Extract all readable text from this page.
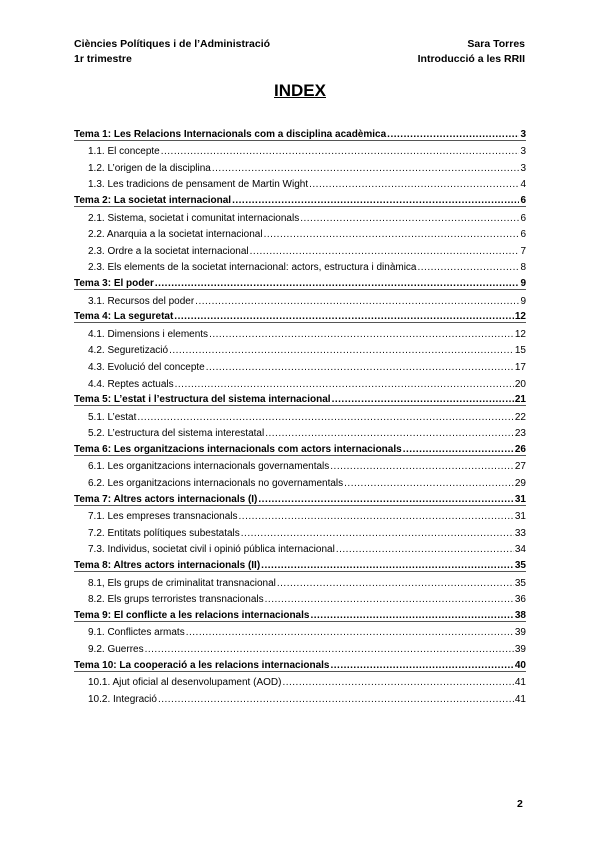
Ciències Polítiques i de l’Administració	Sara Torres
1r trimestre	Introducció a les RRII
INDEX
Tema 1: Les Relacions Internacionals com a disciplina acadèmica .....	3
1.1. El concepte .....	3
1.2. L’origen de la disciplina .....	3
1.3. Les tradicions de pensament de Martin Wight .....	4
Tema 2: La societat internacional .....	6
2.1. Sistema, societat i comunitat internacionals .....	6
2.2. Anarquia a la societat internacional .....	6
2.3. Ordre a la societat internacional .....	7
2.3. Els elements de la societat internacional: actors, estructura i dinàmica .....	8
Tema 3: El poder .....	9
3.1. Recursos del poder .....	9
Tema 4: La seguretat .....	12
4.1. Dimensions i elements .....	12
4.2. Seguretizació .....	15
4.3. Evolució del concepte .....	17
4.4. Reptes actuals .....	20
Tema 5: L’estat i l’estructura del sistema internacional .....	21
5.1. L’estat .....	22
5.2. L’estructura del sistema interestatal .....	23
Tema 6: Les organitzacions internacionals com actors internacionals .....	26
6.1. Les organitzacions internacionals governamentals .....	27
6.2. Les organitzacions internacionals no governamentals .....	29
Tema 7: Altres actors internacionals (I) .....	31
7.1. Les empreses transnacionals .....	31
7.2. Entitats polítiques subestatals .....	33
7.3. Individus, societat civil i opinió pública internacional .....	34
Tema 8: Altres actors internacionals (II) .....	35
8.1, Els grups de criminalitat transnacional .....	35
8.2. Els grups terroristes transnacionals .....	36
Tema 9: El conflicte a les relacions internacionals .....	38
9.1. Conflictes armats .....	39
9.2. Guerres .....	39
Tema 10: La cooperació a les relacions internacionals .....	40
10.1. Ajut oficial al desenvolupament (AOD) .....	41
10.2. Integració .....	41
2
